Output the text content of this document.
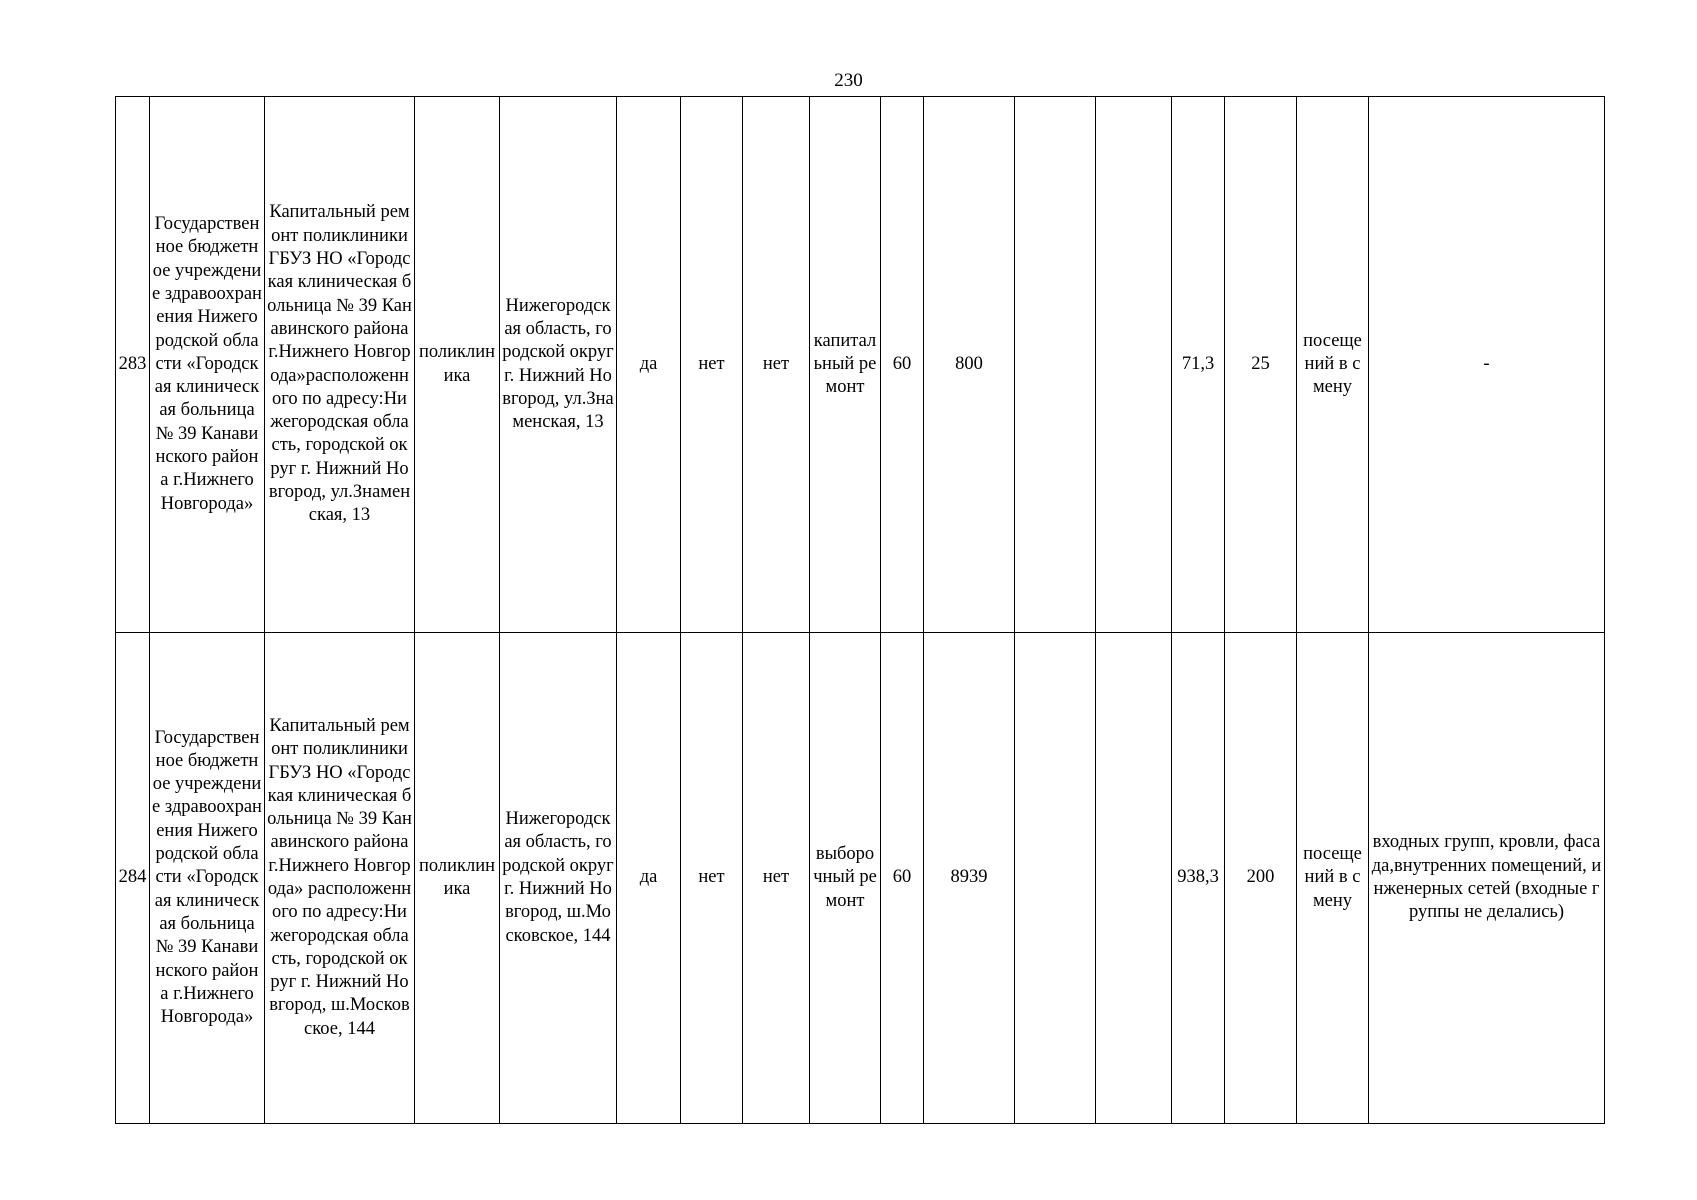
230
283	Государственное бюджетное учреждение здравоохранения Нижегородской области «Городская клиническая больница № 39 Канавинского района г.Нижнего Новгорода»	Капитальный ремонт поликлиники ГБУЗ НО «Городская клиническая больница № 39 Канавинского района г.Нижнего Новгорода»расположенного по адресу:Нижегородская область, городской округ г. Нижний Новгород, ул.Знаменская, 13	поликлиника	Нижегородская область, городской округ г. Нижний Новгород, ул.Знаменская, 13	да	нет	нет	капитальный ремонт	60	800			71,3	25	посещений в смену	-
284	Государственное бюджетное учреждение здравоохранения Нижегородской области «Городская клиническая больница № 39 Канавинского района г.Нижнего Новгорода»	Капитальный ремонт поликлиники ГБУЗ НО «Городская клиническая больница № 39 Канавинского района г.Нижнего Новгорода» расположенного по адресу:Нижегородская область, городской округ г. Нижний Новгород, ш.Московское, 144	поликлиника	Нижегородская область, городской округ г. Нижний Новгород, ш.Московское, 144	да	нет	нет	выборочный ремонт	60	8939			938,3	200	посещений в смену	входных групп, кровли, фасада,внутренних помещений, инженерных сетей (входные группы не делались)
